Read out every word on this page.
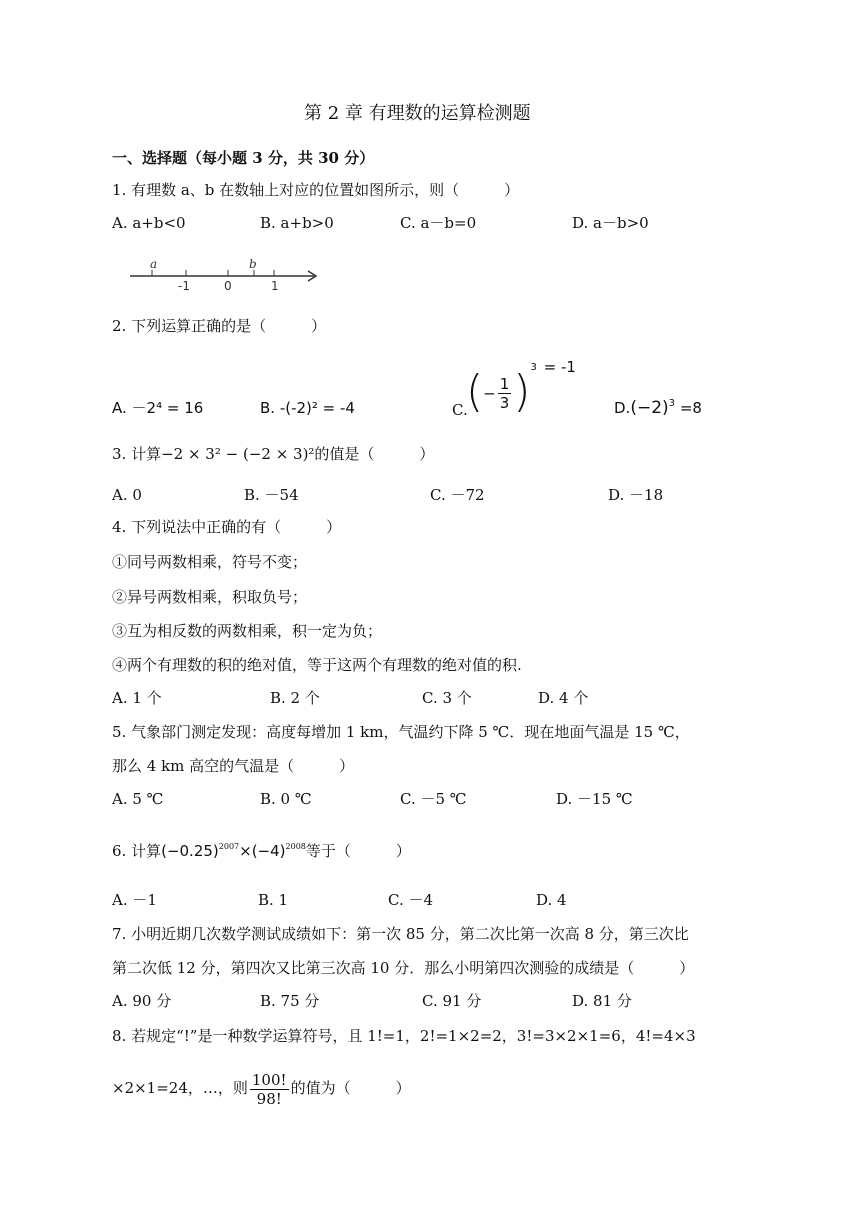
第 2 章 有理数的运算检测题
一、选择题（每小题 3 分，共 30 分）
1. 有理数 a、b 在数轴上对应的位置如图所示，则（　　　）
A. a+b<0	B. a+b>0	C. a－b=0	D. a－b>0
a	b
-1	0	1
2. 下列运算正确的是（　　　）
A. －2⁴ = 16	B. -(-2)² = -4	C.
(− $\frac{1}{3} )^3 = -1$
$D.(-2)^3 =8$
3. 计算−2 × 3² − (−2 × 3)²的值是（　　　）
A. 0	B. －54	C. －72	D. －18
4. 下列说法中正确的有（　　　）
①同号两数相乘，符号不变；
②异号两数相乘，积取负号；
③互为相反数的两数相乘，积一定为负；
④两个有理数的积的绝对值，等于这两个有理数的绝对值的积.
A. 1 个	B. 2 个	C. 3 个	D. 4 个
5. 气象部门测定发现：高度每增加 1 km，气温约下降 5 ℃．现在地面气温是 15 ℃，
那么 4 km 高空的气温是（　　　）
A. 5 ℃	B. 0 ℃	C. －5 ℃	D. －15 ℃
6. 计算$(-0.25)^{2007}\times(-4)^{2008}$等于（　　　）
A. －1	B. 1	C. －4	D. 4
7. 小明近期几次数学测试成绩如下：第一次 85 分，第二次比第一次高 8 分，第三次比
第二次低 12 分，第四次又比第三次高 10 分．那么小明第四次测验的成绩是（　　　）
A. 90 分	B. 75 分	C. 91 分	D. 81 分
8. 若规定“!”是一种数学运算符号，且 1!=1，2!=1×2=2，3!=3×2×1=6，4!=4×3
×2×1=24，…，则 $\frac{100!}{98!}$ 的值为（　　　）
